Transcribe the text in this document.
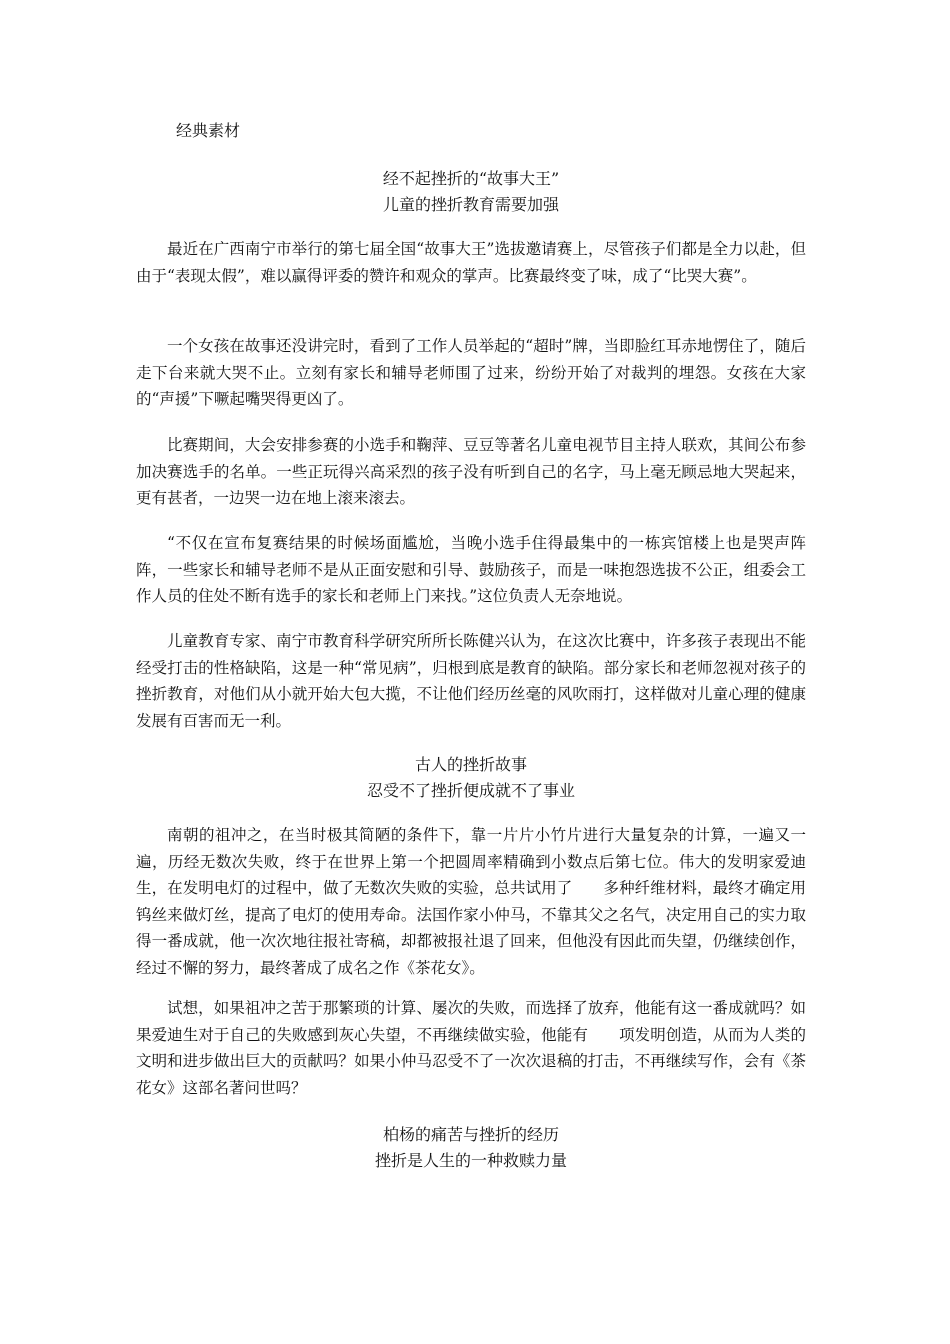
经典素材
经不起挫折的“故事大王”
儿童的挫折教育需要加强

最近在广西南宁市举行的第七届全国“故事大王”选拔邀请赛上，尽管孩子们都是全力以赴，但由于“表现太假”，难以赢得评委的赞许和观众的掌声。比赛最终变了味，成了“比哭大赛”。

一个女孩在故事还没讲完时，看到了工作人员举起的“超时”牌，当即脸红耳赤地愣住了，随后走下台来就大哭不止。立刻有家长和辅导老师围了过来，纷纷开始了对裁判的埋怨。女孩在大家的“声援”下噘起嘴哭得更凶了。

比赛期间，大会安排参赛的小选手和鞠萍、豆豆等著名儿童电视节目主持人联欢，其间公布参加决赛选手的名单。一些正玩得兴高采烈的孩子没有听到自己的名字，马上毫无顾忌地大哭起来，更有甚者，一边哭一边在地上滚来滚去。

“不仅在宣布复赛结果的时候场面尴尬，当晚小选手住得最集中的一栋宾馆楼上也是哭声阵阵，一些家长和辅导老师不是从正面安慰和引导、鼓励孩子，而是一味抱怨选拔不公正，组委会工作人员的住处不断有选手的家长和老师上门来找。”这位负责人无奈地说。

儿童教育专家、南宁市教育科学研究所所长陈健兴认为，在这次比赛中，许多孩子表现出不能经受打击的性格缺陷，这是一种“常见病”，归根到底是教育的缺陷。部分家长和老师忽视对孩子的挫折教育，对他们从小就开始大包大揽，不让他们经历丝毫的风吹雨打，这样做对儿童心理的健康发展有百害而无一利。

古人的挫折故事
忍受不了挫折便成就不了事业

南朝的祖冲之，在当时极其简陋的条件下，靠一片片小竹片进行大量复杂的计算，一遍又一遍，历经无数次失败，终于在世界上第一个把圆周率精确到小数点后第七位。伟大的发明家爱迪生，在发明电灯的过程中，做了无数次失败的实验，总共试用了　　多种纤维材料，最终才确定用钨丝来做灯丝，提高了电灯的使用寿命。法国作家小仲马，不靠其父之名气，决定用自己的实力取得一番成就，他一次次地往报社寄稿，却都被报社退了回来，但他没有因此而失望，仍继续创作，经过不懈的努力，最终著成了成名之作《茶花女》。

试想，如果祖冲之苦于那繁琐的计算、屡次的失败，而选择了放弃，他能有这一番成就吗？如果爱迪生对于自己的失败感到灰心失望，不再继续做实验，他能有　　项发明创造，从而为人类的文明和进步做出巨大的贡献吗？如果小仲马忍受不了一次次退稿的打击，不再继续写作，会有《茶花女》这部名著问世吗？

柏杨的痛苦与挫折的经历
挫折是人生的一种救赎力量
